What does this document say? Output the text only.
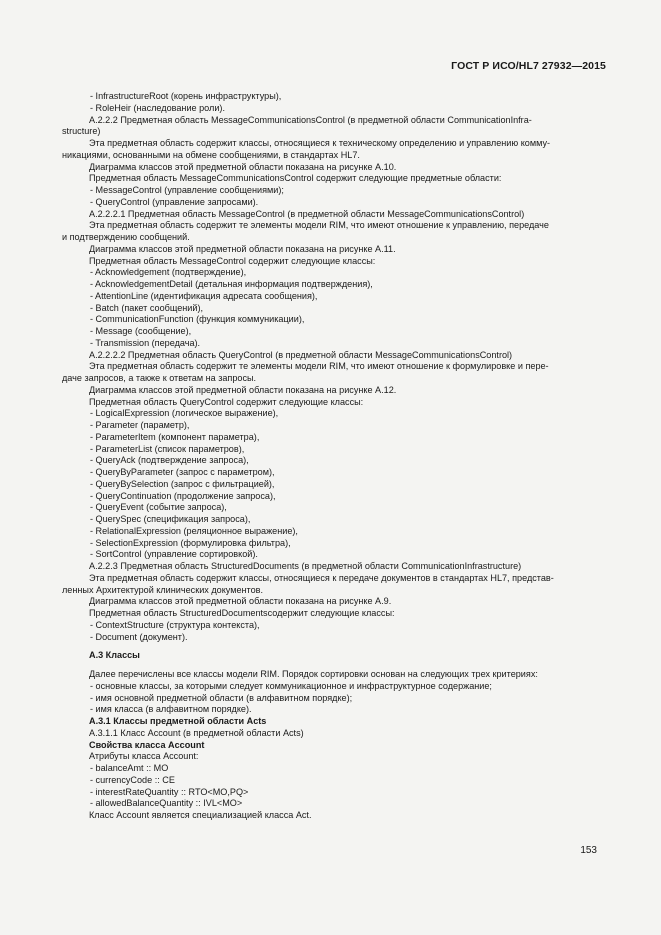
ГОСТ Р ИСО/HL7 27932—2015

- InfrastructureRoot (корень инфраструктуры),

- RoleHeir (наследование роли).

A.2.2.2 Предметная область MessageCommunicationsControl (в предметной области CommunicationInfra-

structure)

Эта предметная область содержит классы, относящиеся к техническому определению и управлению комму-

никациями, основанными на обмене сообщениями, в стандартах HL7.

Диаграмма классов этой предметной области показана на рисунке A.10.

Предметная область MessageCommunicationsControl содержит следующие предметные области:

- MessageControl (управление сообщениями);

- QueryControl (управление запросами).

A.2.2.2.1 Предметная область MessageControl (в предметной области MessageCommunicationsControl)

Эта предметная область содержит те элементы модели RIM, что имеют отношение к управлению, передаче

и подтверждению сообщений.

Диаграмма классов этой предметной области показана на рисунке A.11.

Предметная область MessageControl содержит следующие классы:

- Acknowledgement (подтверждение),

- AcknowledgementDetail (детальная информация подтверждения),

- AttentionLine (идентификация адресата сообщения),

- Batch (пакет сообщений),

- CommunicationFunction (функция коммуникации),

- Message (сообщение),

- Transmission (передача).

A.2.2.2.2 Предметная область QueryControl (в предметной области MessageCommunicationsControl)

Эта предметная область содержит те элементы модели RIM, что имеют отношение к формулировке и пере-

даче запросов, а также к ответам на запросы.

Диаграмма классов этой предметной области показана на рисунке A.12.

Предметная область QueryControl содержит следующие классы:

- LogicalExpression (логическое выражение),

- Parameter (параметр),

- ParameterItem (компонент параметра),

- ParameterList (список параметров),

- QueryAck (подтверждение запроса),

- QueryByParameter (запрос с параметром),

- QueryBySelection (запрос с фильтрацией),

- QueryContinuation (продолжение запроса),

- QueryEvent (событие запроса),

- QuerySpec (спецификация запроса),

- RelationalExpression (реляционное выражение),

- SelectionExpression (формулировка фильтра),

- SortControl (управление сортировкой).

A.2.2.3 Предметная область StructuredDocuments (в предметной области CommunicationInfrastructure)

Эта предметная область содержит классы, относящиеся к передаче документов в стандартах HL7, представ-

ленных Архитектурой клинических документов.

Диаграмма классов этой предметной области показана на рисунке A.9.

Предметная область StructuredDocumentsсодержит следующие классы:

- ContextStructure (структура контекста),

- Document (документ).

A.3 Классы

Далее перечислены все классы модели RIM. Порядок сортировки основан на следующих трех критериях:

- основные классы, за которыми следует коммуникационное и инфраструктурное содержание;

- имя основной предметной области (в алфавитном порядке);

- имя класса (в алфавитном порядке).

A.3.1 Классы предметной области Acts

A.3.1.1 Класс Account (в предметной области Acts)

Свойства класса Account

Атрибуты класса Account:

- balanceAmt :: MO

- currencyCode :: CE

- interestRateQuantity :: RTO<MO,PQ>

- allowedBalanceQuantity :: IVL<MO>

Класс Account является специализацией класса Act.

153
